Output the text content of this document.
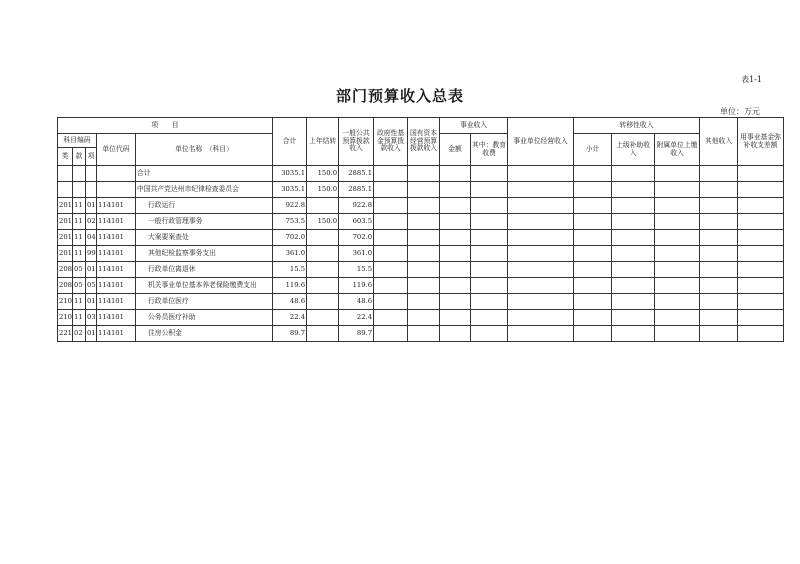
表1-1
部门预算收入总表
单位：万元
项　　目					合计	上年结转	一般公共预算拨款收入	政府性基金预算拨款收入	国有资本经营预算拨款收入	事业收入		事业单位经营收入	转移性收入			其他收入	用事业基金弥补收支差额
科目编码			单位代码	单位名称　（科目）						金额	其中：教育收费		小计	上级补助收入	附属单位上缴收入		
类	款	项															
				合计	3035.1	150.0	2885.1										
				中国共产党达州市纪律检查委员会	3035.1	150.0	2885.1										
201	11	01	114101	行政运行	922.8		922.8										
201	11	02	114101	一般行政管理事务	753.5	150.0	603.5										
201	11	04	114101	大案要案查处	702.0		702.0										
201	11	99	114101	其他纪检监察事务支出	361.0		361.0										
208	05	01	114101	行政单位离退休	15.5		15.5										
208	05	05	114101	机关事业单位基本养老保险缴费支出	119.6		119.6										
210	11	01	114101	行政单位医疗	48.6		48.6										
210	11	03	114101	公务员医疗补助	22.4		22.4										
221	02	01	114101	住房公积金	89.7		89.7										
